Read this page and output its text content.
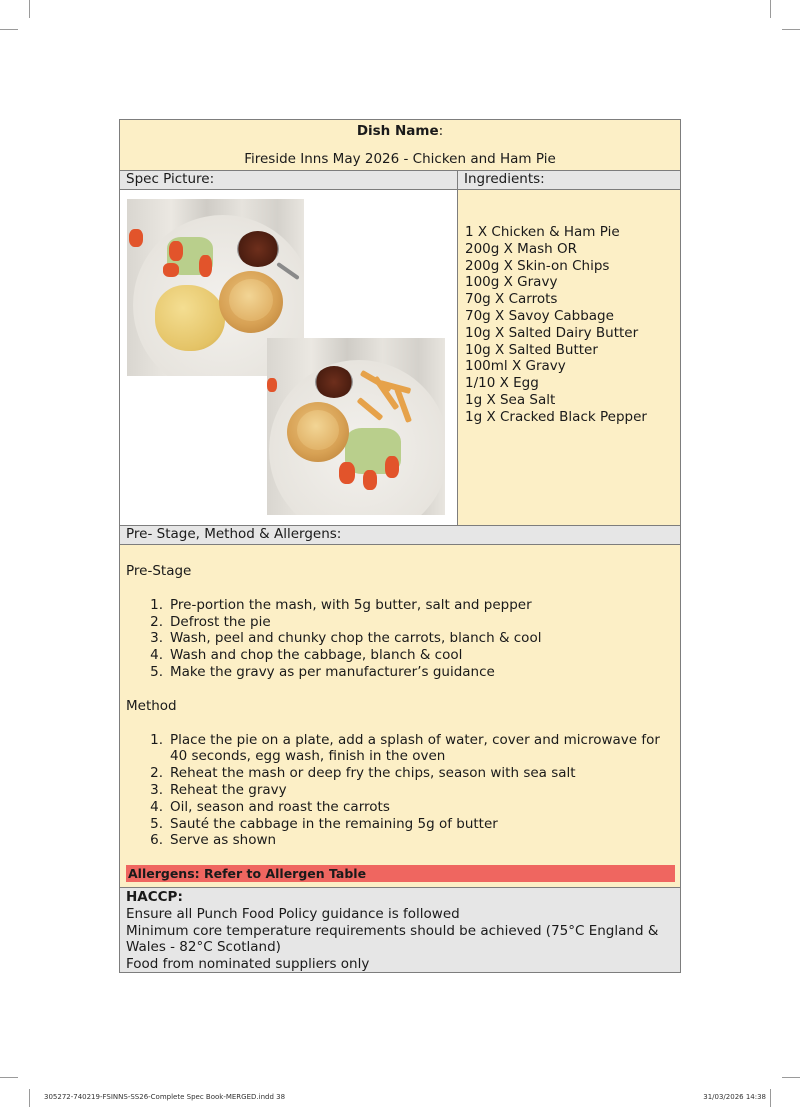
Dish Name:
Fireside Inns May 2026 - Chicken and Ham Pie
Spec Picture:	Ingredients:
1 X Chicken & Ham Pie
200g X Mash OR
200g X Skin-on Chips
100g X Gravy
70g X Carrots
70g X Savoy Cabbage
10g X Salted Dairy Butter
10g X Salted Butter
100ml X Gravy
1/10 X Egg
1g X Sea Salt
1g X Cracked Black Pepper
Pre- Stage, Method & Allergens:

Pre-Stage

1. Pre-portion the mash, with 5g butter, salt and pepper
2. Defrost the pie
3. Wash, peel and chunky chop the carrots, blanch & cool
4. Wash and chop the cabbage, blanch & cool
5. Make the gravy as per manufacturer’s guidance

Method

1. Place the pie on a plate, add a splash of water, cover and microwave for 40 seconds, egg wash, finish in the oven
2. Reheat the mash or deep fry the chips, season with sea salt
3. Reheat the gravy
4. Oil, season and roast the carrots
5. Sauté the cabbage in the remaining 5g of butter
6. Serve as shown
Allergens: Refer to Allergen Table
HACCP:
Ensure all Punch Food Policy guidance is followed
Minimum core temperature requirements should be achieved (75°C England & Wales - 82°C Scotland)
Food from nominated suppliers only
305272-740219-FSINNS-SS26-Complete Spec Book-MERGED.indd 38	31/03/2026 14:38
